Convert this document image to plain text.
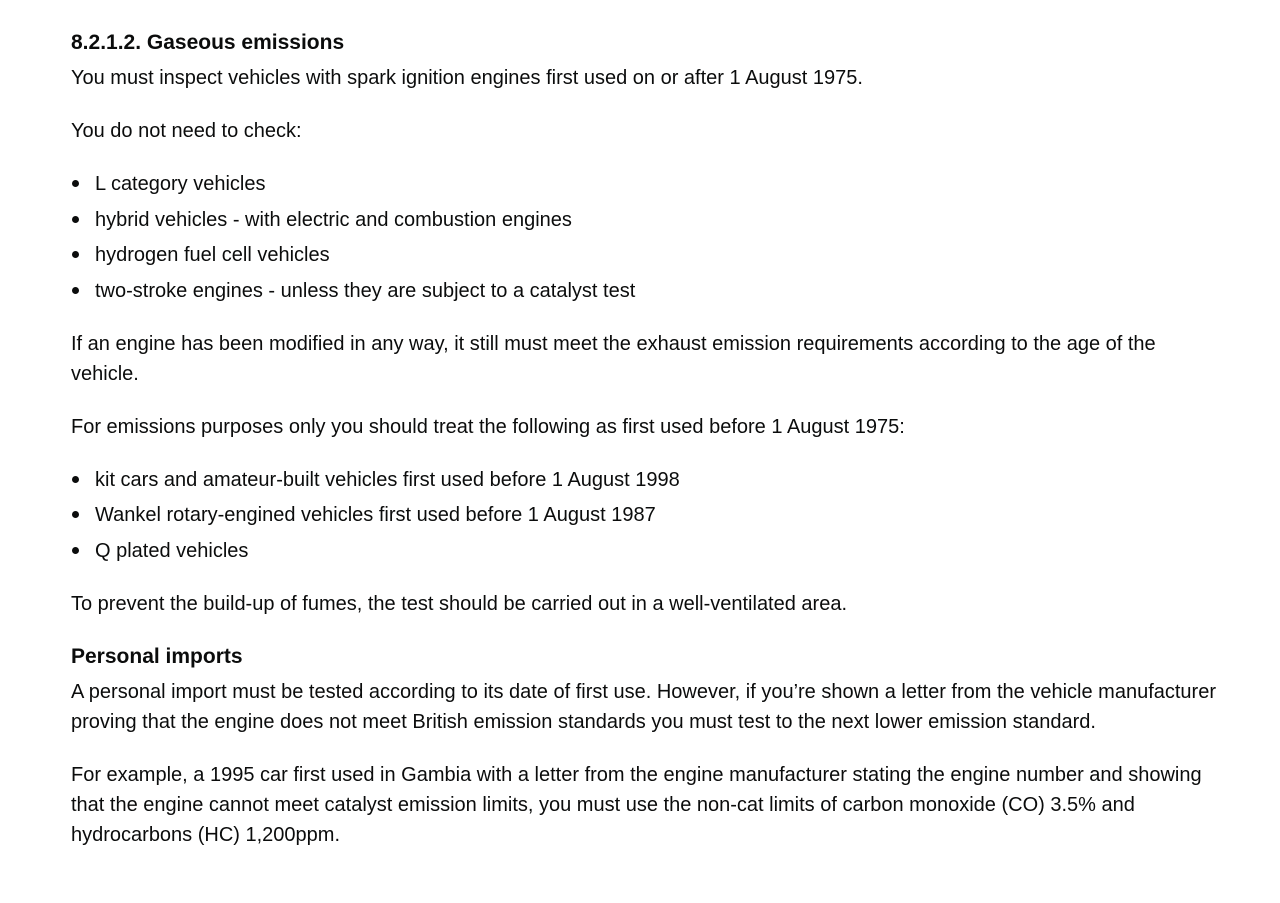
8.2.1.2. Gaseous emissions

You must inspect vehicles with spark ignition engines first used on or after 1 August 1975.

You do not need to check:

L category vehicles
hybrid vehicles - with electric and combustion engines
hydrogen fuel cell vehicles
two-stroke engines - unless they are subject to a catalyst test

If an engine has been modified in any way, it still must meet the exhaust emission requirements according to the age of the vehicle.

For emissions purposes only you should treat the following as first used before 1 August 1975:

kit cars and amateur-built vehicles first used before 1 August 1998
Wankel rotary-engined vehicles first used before 1 August 1987
Q plated vehicles

To prevent the build-up of fumes, the test should be carried out in a well-ventilated area.

Personal imports

A personal import must be tested according to its date of first use. However, if you’re shown a letter from the vehicle manufacturer proving that the engine does not meet British emission standards you must test to the next lower emission standard.

For example, a 1995 car first used in Gambia with a letter from the engine manufacturer stating the engine number and showing that the engine cannot meet catalyst emission limits, you must use the non-cat limits of carbon monoxide (CO) 3.5% and hydrocarbons (HC) 1,200ppm.
